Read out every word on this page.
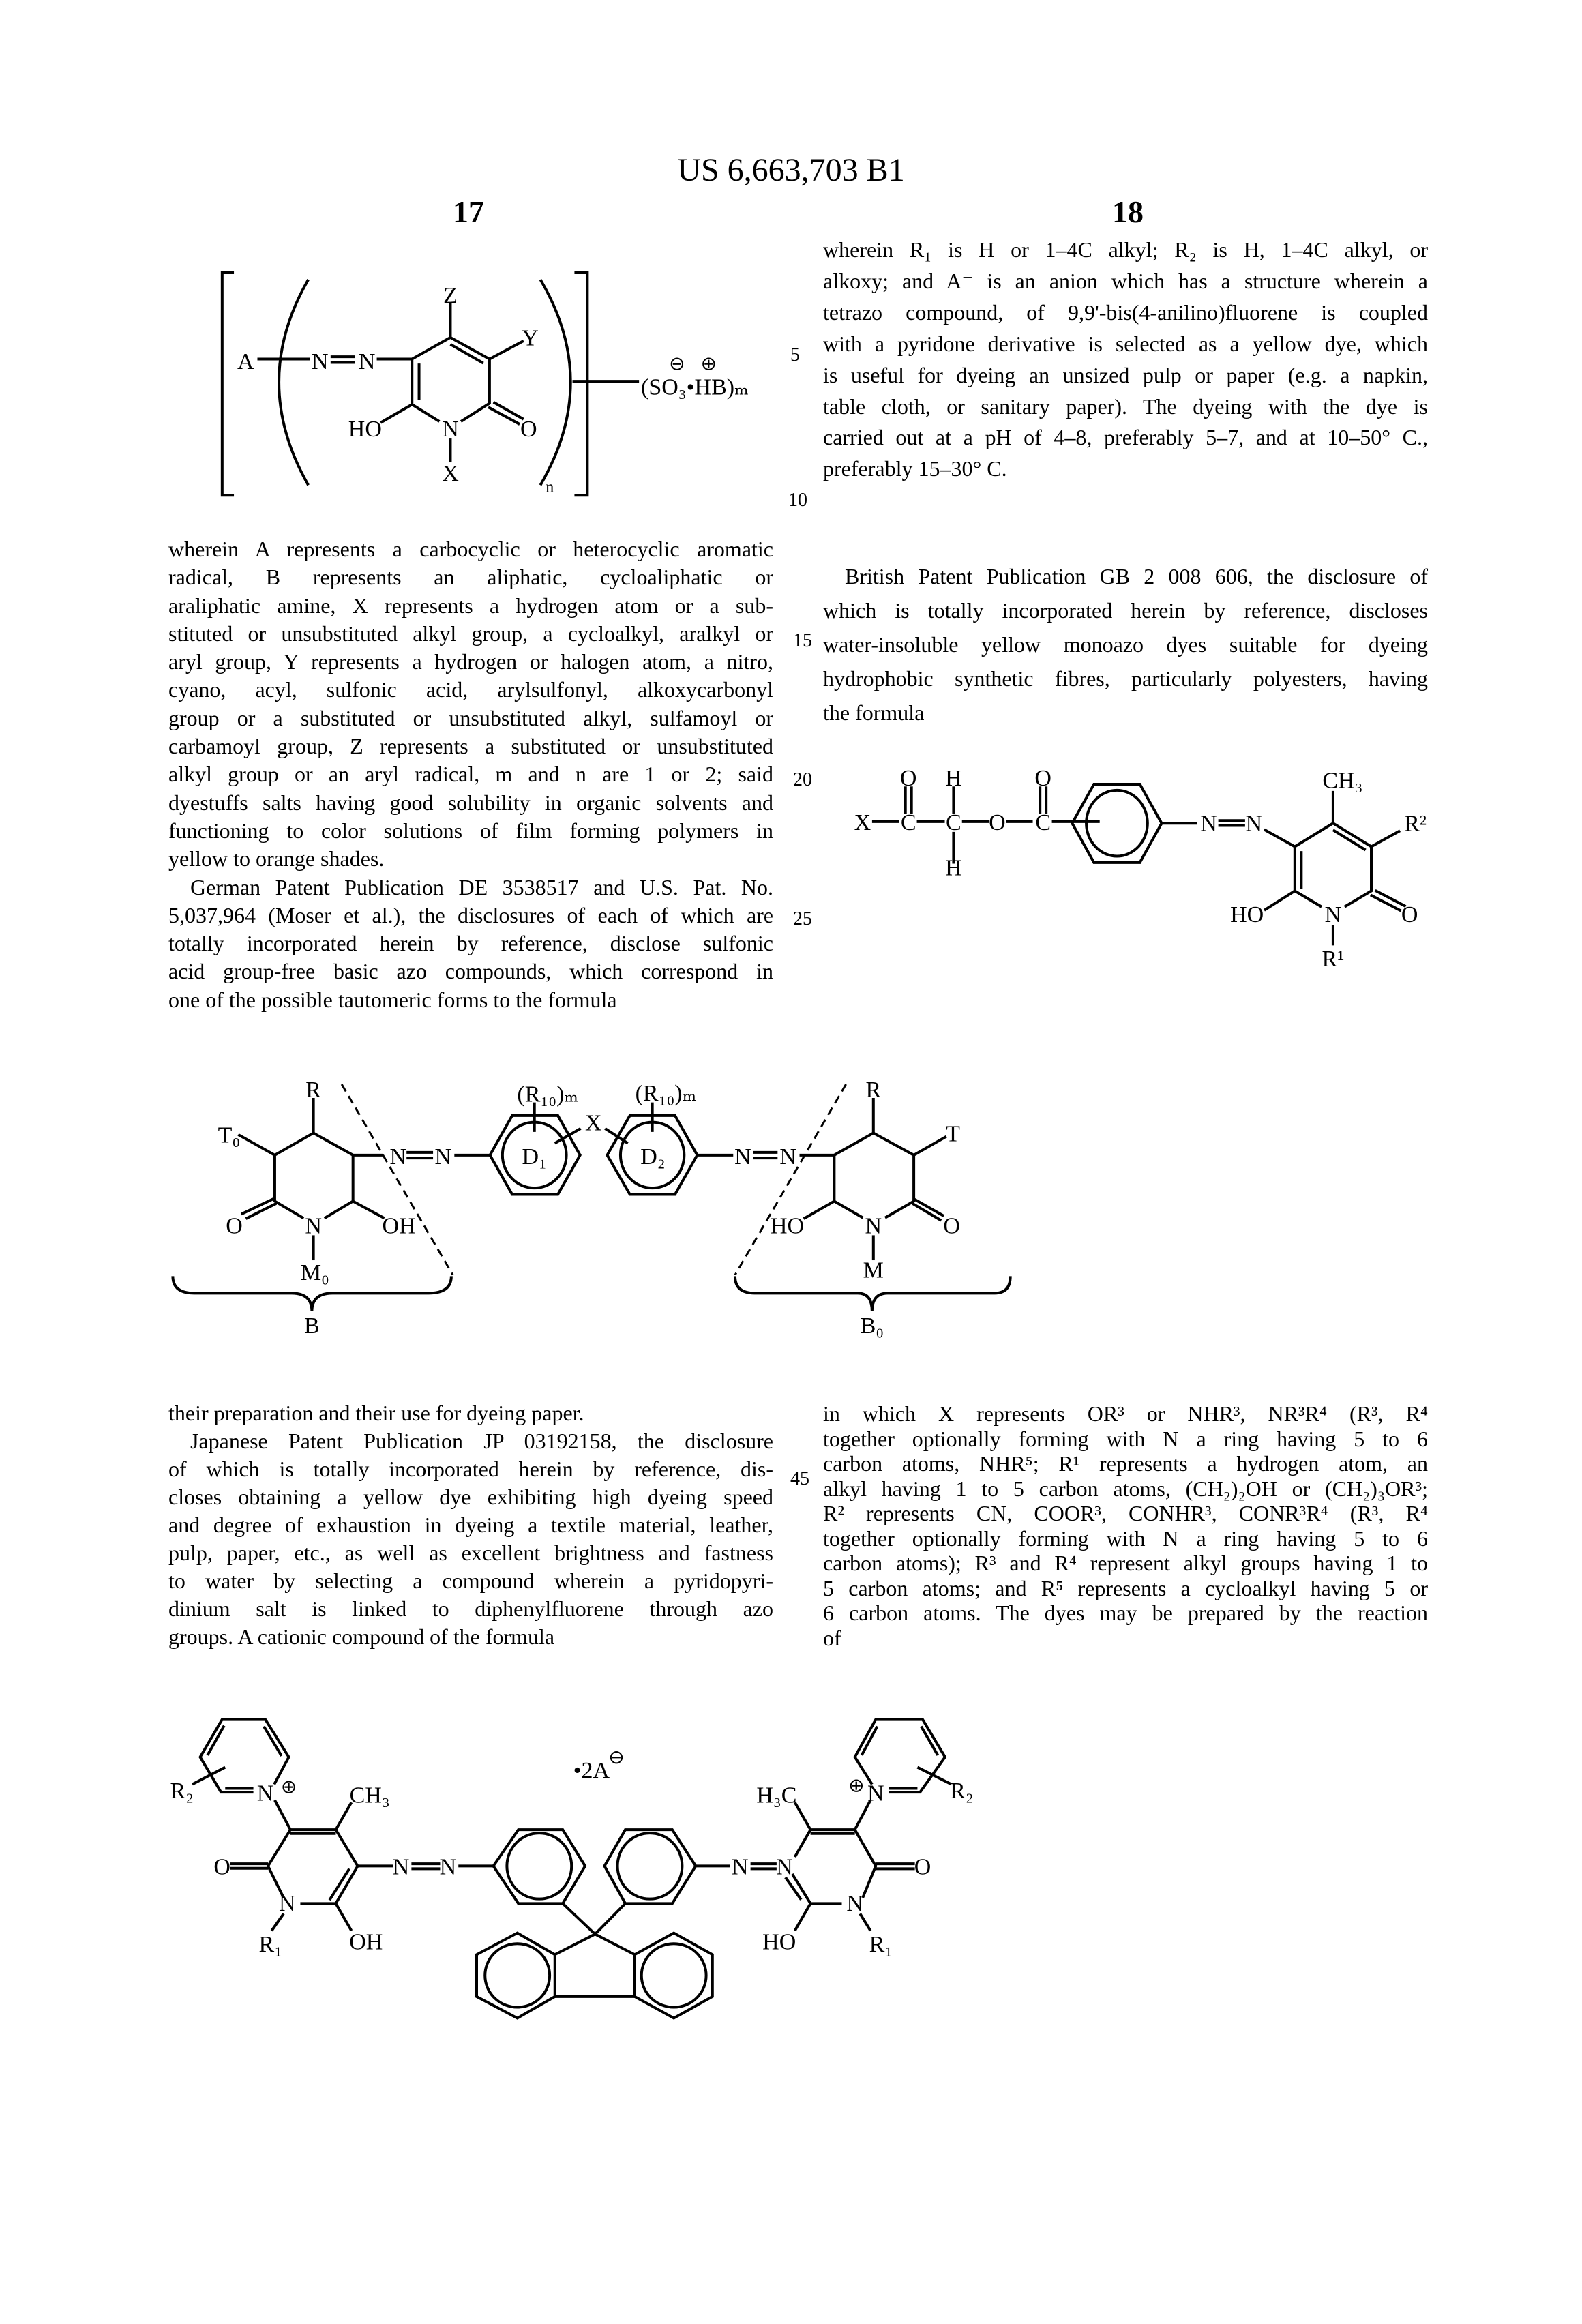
US 6,663,703 B1
17	18
wherein R₁ is H or 1–4C alkyl; R₂ is H, 1–4C alkyl, or
alkoxy; and A⁻ is an anion which has a structure wherein a
tetrazo compound, of 9,9'-bis(4-anilino)fluorene is coupled
with a pyridone derivative is selected as a yellow dye, which
is useful for dyeing an unsized pulp or paper (e.g. a napkin,
table cloth, or sanitary paper). The dyeing with the dye is
carried out at a pH of 4–8, preferably 5–7, and at 10–50° C.,
preferably 15–30° C.
wherein A represents a carbocyclic or heterocyclic aromatic
radical, B represents an aliphatic, cycloaliphatic or
araliphatic amine, X represents a hydrogen atom or a sub-
stituted or unsubstituted alkyl group, a cycloalkyl, aralkyl or
aryl group, Y represents a hydrogen or halogen atom, a nitro,
cyano, acyl, sulfonic acid, arylsulfonyl, alkoxycarbonyl
group or a substituted or unsubstituted alkyl, sulfamoyl or
carbamoyl group, Z represents a substituted or unsubstituted
alkyl group or an aryl radical, m and n are 1 or 2; said
dyestuffs salts having good solubility in organic solvents and
functioning to color solutions of film forming polymers in
yellow to orange shades.
German Patent Publication DE 3538517 and U.S. Pat. No.
5,037,964 (Moser et al.), the disclosures of each of which are
totally incorporated herein by reference, disclose sulfonic
acid group-free basic azo compounds, which correspond in
one of the possible tautomeric forms to the formula
British Patent Publication GB 2 008 606, the disclosure of
which is totally incorporated herein by reference, discloses
water-insoluble yellow monoazo dyes suitable for dyeing
hydrophobic synthetic fibres, particularly polyesters, having
the formula
their preparation and their use for dyeing paper.
Japanese Patent Publication JP 03192158, the disclosure
of which is totally incorporated herein by reference, dis-
closes obtaining a yellow dye exhibiting high dyeing speed
and degree of exhaustion in dyeing a textile material, leather,
pulp, paper, etc., as well as excellent brightness and fastness
to water by selecting a compound wherein a pyridopyri-
dinium salt is linked to diphenylfluorene through azo
groups. A cationic compound of the formula
in which X represents OR³ or NHR³, NR³R⁴ (R³, R⁴
together optionally forming with N a ring having 5 to 6
carbon atoms, NHR⁵; R¹ represents a hydrogen atom, an
alkyl having 1 to 5 carbon atoms, (CH₂)₂OH or (CH₂)₃OR³;
R² represents CN, COOR³, CONHR³, CONR³R⁴ (R³, R⁴
together optionally forming with N a ring having 5 to 6
carbon atoms); R³ and R⁴ represent alkyl groups having 1 to
5 carbon atoms; and R⁵ represents a cycloalkyl having 5 or
6 carbon atoms. The dyes may be prepared by the reaction
of
5
10
15
20
25
45
A N N
Z
Y
HO	N	O
X
n
⊖ ⊕
(SO₃•HB)ₘ
X C C O C
O H	O
H
N N
CH₃
R²
HO	N	O
R¹
R
T₀
O	N	OH
M₀
N N
(R₁₀)ₘ
D₁
X
B
(R₁₀)ₘ
D₂	N N
R
T
HO	N	O
M
B₀
R₂	N ⊕ CH₃
•2A
⊖
O
N
R₁	OH
N N	N N
H₃C	⊕ N	R₂
O
HO
N
R₁
